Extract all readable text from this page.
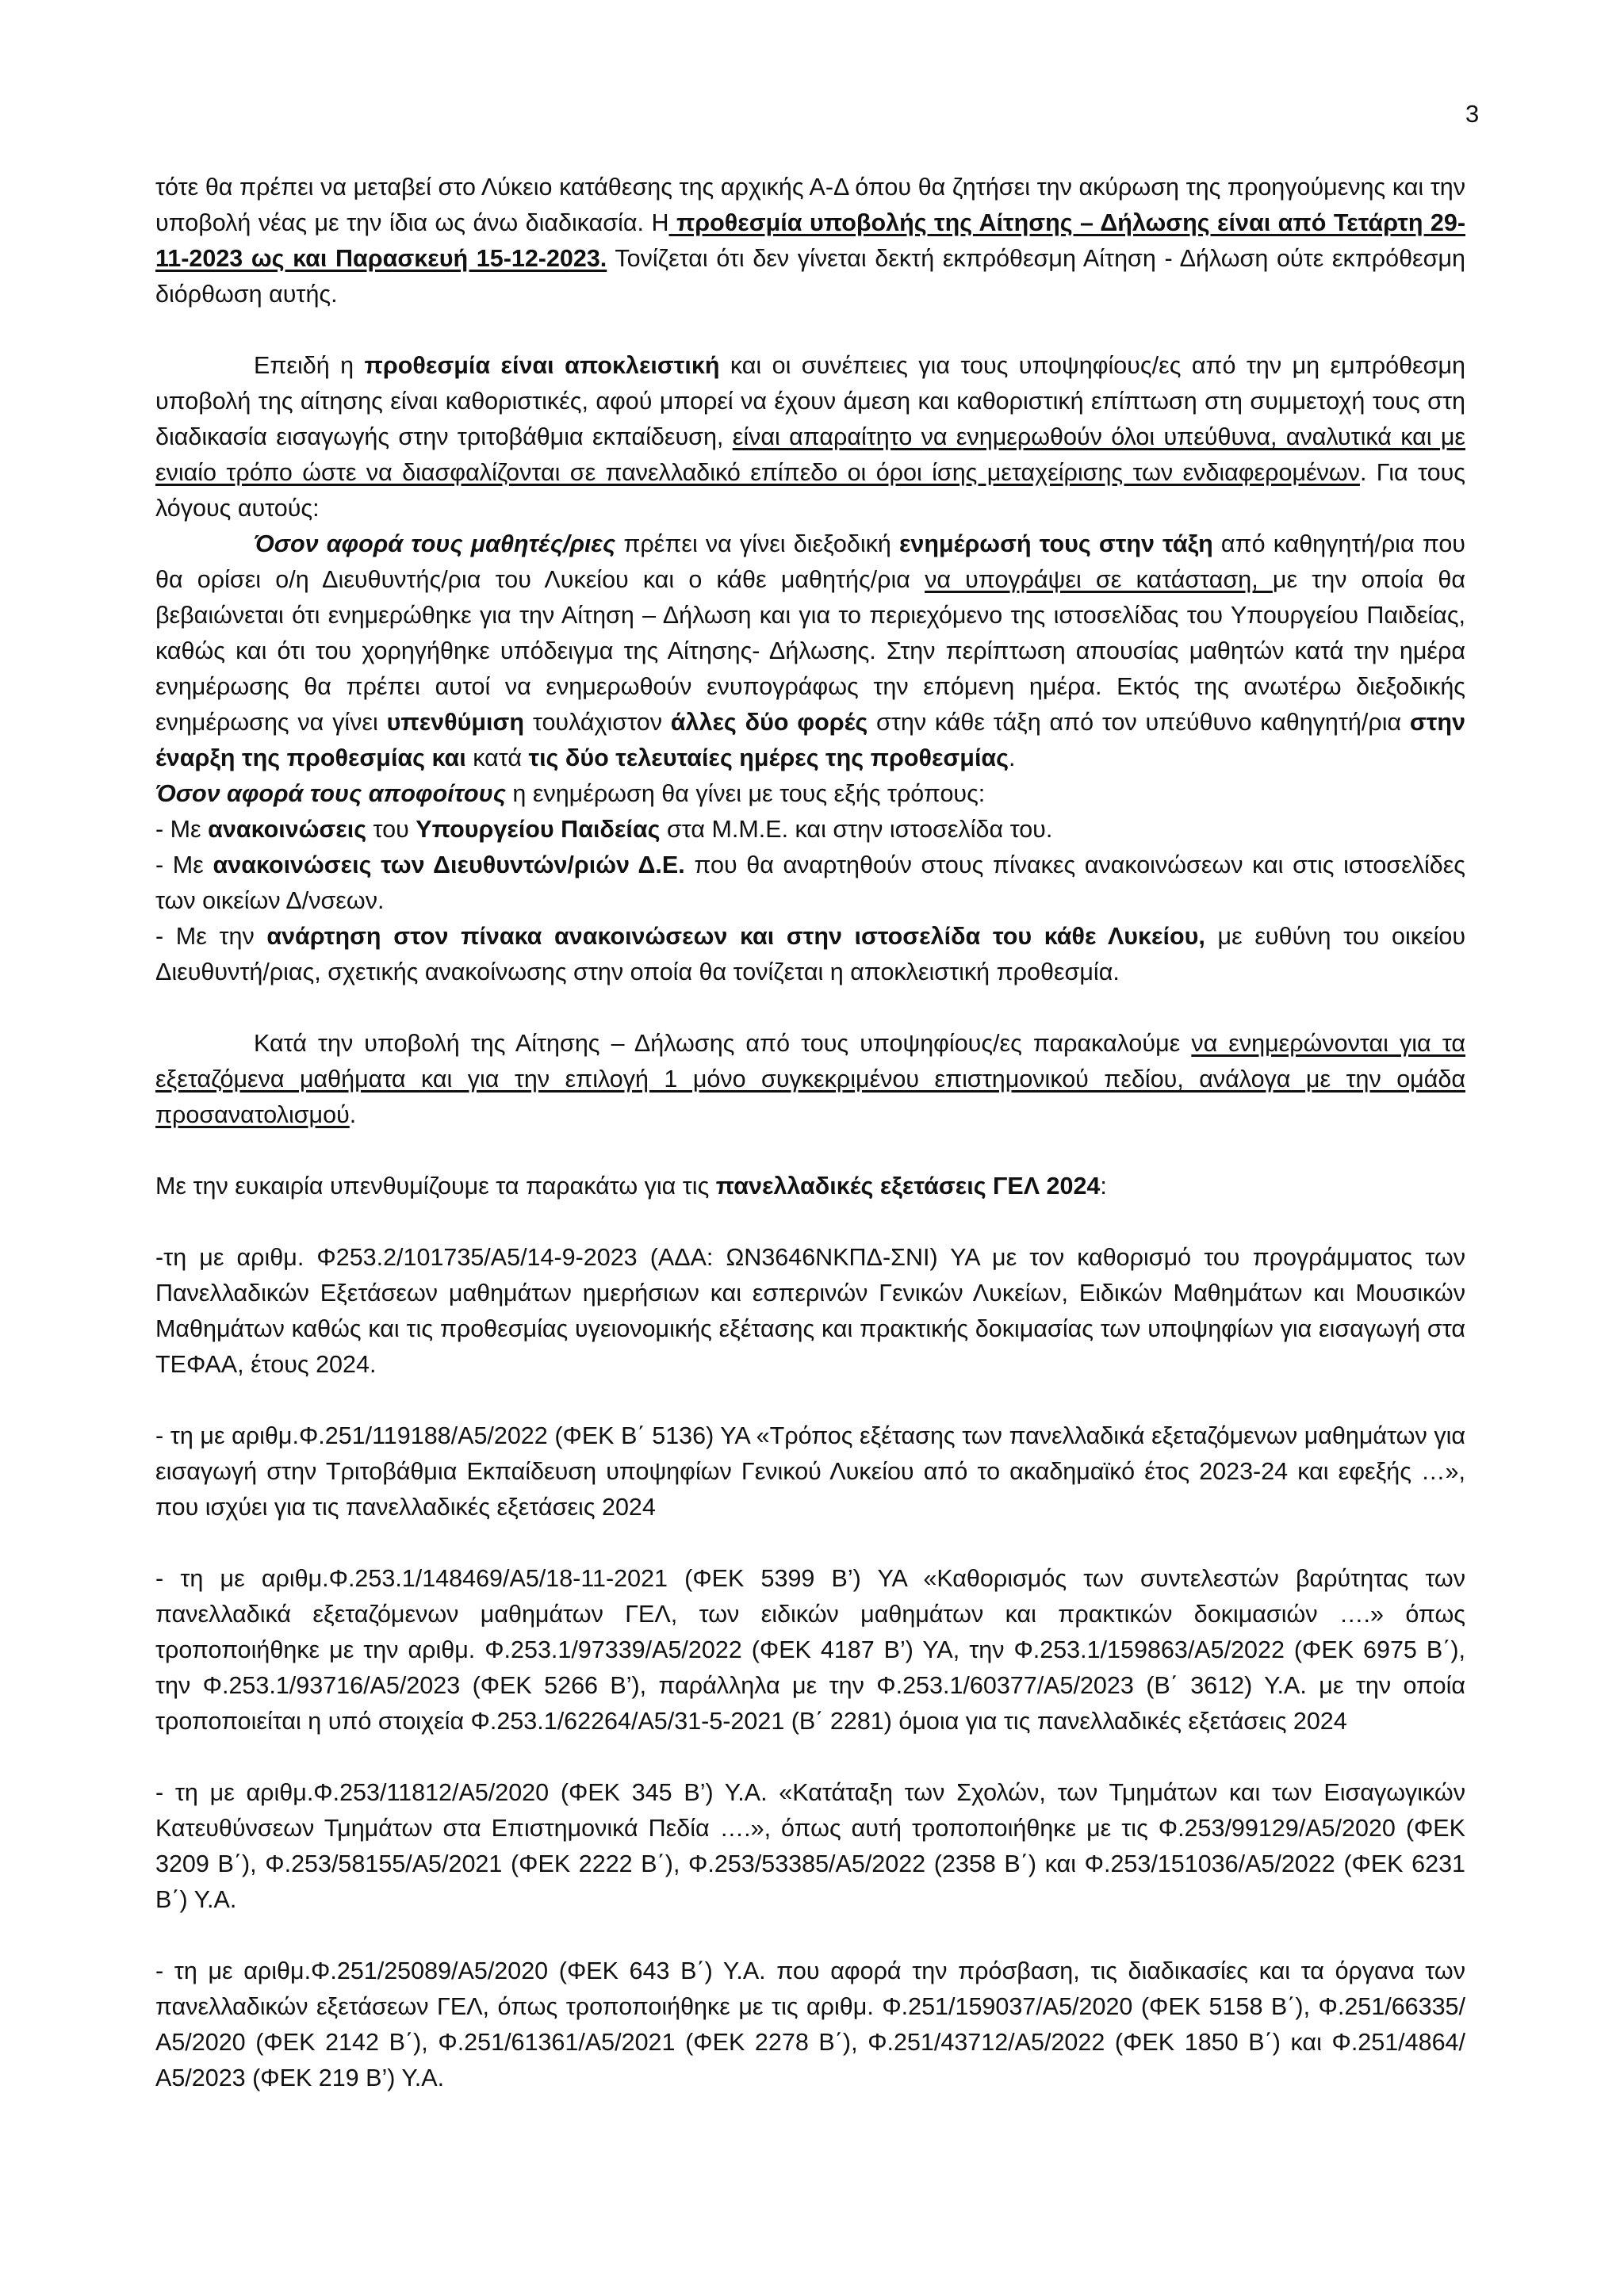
3

τότε θα πρέπει να μεταβεί στο Λύκειο κατάθεσης της αρχικής Α-Δ όπου θα ζητήσει την ακύρωση της προηγούμενης και την υποβολή νέας με την ίδια ως άνω διαδικασία. Η προθεσμία υποβολής της Αίτησης – Δήλωσης είναι από Τετάρτη 29-11-2023 ως και Παρασκευή 15-12-2023. Τονίζεται ότι δεν γίνεται δεκτή εκπρόθεσμη Αίτηση - Δήλωση ούτε εκπρόθεσμη διόρθωση αυτής.

Επειδή η προθεσμία είναι αποκλειστική και οι συνέπειες για τους υποψηφίους/ες από την μη εμπρόθεσμη υποβολή της αίτησης είναι καθοριστικές, αφού μπορεί να έχουν άμεση και καθοριστική επίπτωση στη συμμετοχή τους στη διαδικασία εισαγωγής στην τριτοβάθμια εκπαίδευση, είναι απαραίτητο να ενημερωθούν όλοι υπεύθυνα, αναλυτικά και με ενιαίο τρόπο ώστε να διασφαλίζονται σε πανελλαδικό επίπεδο οι όροι ίσης μεταχείρισης των ενδιαφερομένων. Για τους λόγους αυτούς:

Όσον αφορά τους μαθητές/ριες πρέπει να γίνει διεξοδική ενημέρωσή τους στην τάξη από καθηγητή/ρια που θα ορίσει ο/η Διευθυντής/ρια του Λυκείου και ο κάθε μαθητής/ρια να υπογράψει σε κατάσταση, με την οποία θα βεβαιώνεται ότι ενημερώθηκε για την Αίτηση – Δήλωση και για το περιεχόμενο της ιστοσελίδας του Υπουργείου Παιδείας, καθώς και ότι του χορηγήθηκε υπόδειγμα της Αίτησης- Δήλωσης. Στην περίπτωση απουσίας μαθητών κατά την ημέρα ενημέρωσης θα πρέπει αυτοί να ενημερωθούν ενυπογράφως την επόμενη ημέρα. Εκτός της ανωτέρω διεξοδικής ενημέρωσης να γίνει υπενθύμιση τουλάχιστον άλλες δύο φορές στην κάθε τάξη από τον υπεύθυνο καθηγητή/ρια στην έναρξη της προθεσμίας και κατά τις δύο τελευταίες ημέρες της προθεσμίας.

Όσον αφορά τους αποφοίτους η ενημέρωση θα γίνει με τους εξής τρόπους:

- Με ανακοινώσεις του Υπουργείου Παιδείας στα Μ.Μ.Ε. και στην ιστοσελίδα του.

- Με ανακοινώσεις των Διευθυντών/ριών Δ.Ε. που θα αναρτηθούν στους πίνακες ανακοινώσεων και στις ιστοσελίδες των οικείων Δ/νσεων.

- Με την ανάρτηση στον πίνακα ανακοινώσεων και στην ιστοσελίδα του κάθε Λυκείου, με ευθύνη του οικείου Διευθυντή/ριας, σχετικής ανακοίνωσης στην οποία θα τονίζεται η αποκλειστική προθεσμία.

Κατά την υποβολή της Αίτησης – Δήλωσης από τους υποψηφίους/ες παρακαλούμε να ενημερώνονται για τα εξεταζόμενα μαθήματα και για την επιλογή 1 μόνο συγκεκριμένου επιστημονικού πεδίου, ανάλογα με την ομάδα προσανατολισμού.

Με την ευκαιρία υπενθυμίζουμε τα παρακάτω για τις πανελλαδικές εξετάσεις ΓΕΛ 2024:

-τη με αριθμ. Φ253.2/101735/Α5/14-9-2023 (ΑΔΑ: ΩΝ3646ΝΚΠΔ-ΣΝΙ) ΥΑ με τον καθορισμό του προγράμματος των Πανελλαδικών Εξετάσεων μαθημάτων ημερήσιων και εσπερινών Γενικών Λυκείων, Ειδικών Μαθημάτων και Μουσικών Μαθημάτων καθώς και τις προθεσμίας υγειονομικής εξέτασης και πρακτικής δοκιμασίας των υποψηφίων για εισαγωγή στα ΤΕΦΑΑ, έτους 2024.

- τη με αριθμ.Φ.251/119188/Α5/2022 (ΦΕΚ Β΄ 5136) ΥΑ «Τρόπος εξέτασης των πανελλαδικά εξεταζόμενων μαθημάτων για εισαγωγή στην Τριτοβάθμια Εκπαίδευση υποψηφίων Γενικού Λυκείου από το ακαδημαϊκό έτος 2023-24 και εφεξής …», που ισχύει για τις πανελλαδικές εξετάσεις 2024

- τη με αριθμ.Φ.253.1/148469/Α5/18-11-2021 (ΦΕΚ 5399 Β’) ΥΑ «Καθορισμός των συντελεστών βαρύτητας των πανελλαδικά εξεταζόμενων μαθημάτων ΓΕΛ, των ειδικών μαθημάτων και πρακτικών δοκιμασιών ….» όπως τροποποιήθηκε με την αριθμ. Φ.253.1/97339/Α5/2022 (ΦΕΚ 4187 Β’) ΥΑ, την Φ.253.1/159863/Α5/2022 (ΦΕΚ 6975 Β΄), την Φ.253.1/93716/Α5/2023 (ΦΕΚ 5266 Β’), παράλληλα με την Φ.253.1/60377/Α5/2023 (Β΄ 3612) Υ.Α. με την οποία τροποποιείται η υπό στοιχεία Φ.253.1/62264/Α5/31-5-2021 (Β΄ 2281) όμοια για τις πανελλαδικές εξετάσεις 2024

- τη με αριθμ.Φ.253/11812/Α5/2020 (ΦΕΚ 345 Β’) Υ.Α. «Κατάταξη των Σχολών, των Τμημάτων και των Εισαγωγικών Κατευθύνσεων Τμημάτων στα Επιστημονικά Πεδία ….», όπως αυτή τροποποιήθηκε με τις Φ.253/99129/Α5/2020 (ΦΕΚ 3209 Β΄), Φ.253/58155/Α5/2021 (ΦΕΚ 2222 Β΄), Φ.253/53385/Α5/2022 (2358 Β΄) και Φ.253/151036/Α5/2022 (ΦΕΚ 6231 Β΄) Υ.Α.

- τη με αριθμ.Φ.251/25089/Α5/2020 (ΦΕΚ 643 Β΄) Υ.Α. που αφορά την πρόσβαση, τις διαδικασίες και τα όργανα των πανελλαδικών εξετάσεων ΓΕΛ, όπως τροποποιήθηκε με τις αριθμ. Φ.251/159037/Α5/2020 (ΦΕΚ 5158 Β΄), Φ.251/66335/Α5/2020 (ΦΕΚ 2142 Β΄), Φ.251/61361/Α5/2021 (ΦΕΚ 2278 Β΄), Φ.251/43712/Α5/2022 (ΦΕΚ 1850 Β΄) και Φ.251/4864/Α5/2023 (ΦΕΚ 219 Β’) Υ.Α.
